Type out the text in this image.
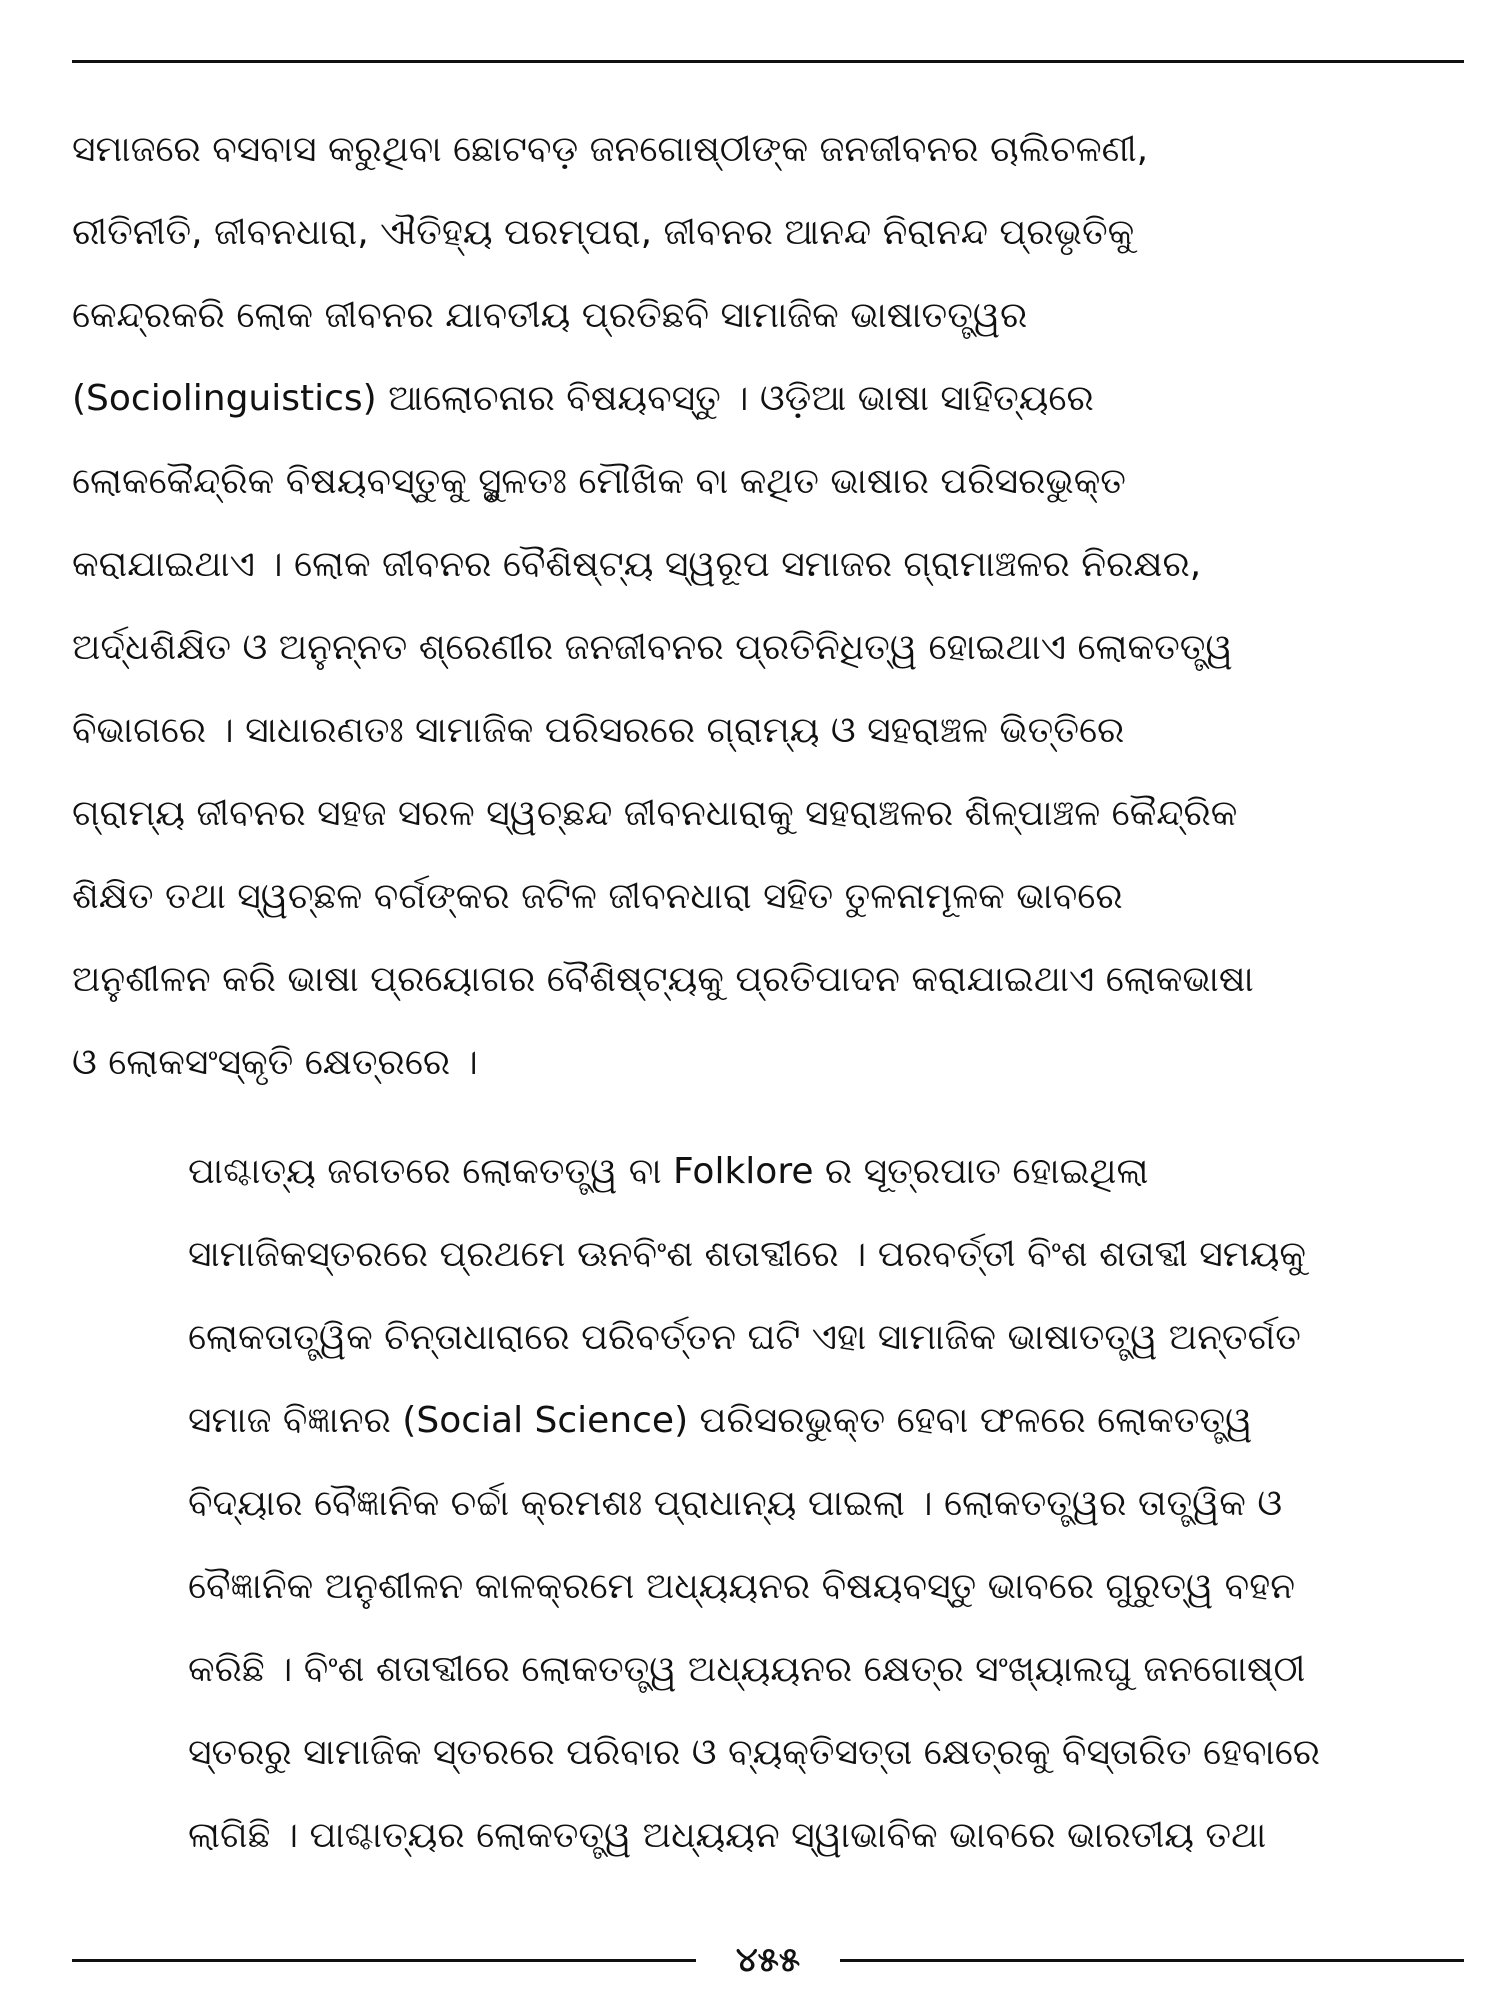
ସମାଜରେ ବସବାସ କରୁଥିବା ଛୋଟବଡ଼ ଜନଗୋଷ୍ଠୀଙ୍କ ଜନଜୀବନର ଚାଲିଚଳଣୀ,
ରୀତିନୀତି, ଜୀବନଧାରା, ଐତିହ୍ୟ ପରମ୍ପରା, ଜୀବନର ଆନନ୍ଦ ନିରାନନ୍ଦ ପ୍ରଭୃତିକୁ
କେନ୍ଦ୍ରକରି ଲୋକ ଜୀବନର ଯାବତୀୟ ପ୍ରତିଛବି ସାମାଜିକ ଭାଷାତତ୍ତ୍ୱର
(Sociolinguistics) ଆଲୋଚନାର ବିଷୟବସ୍ତୁ । ଓଡ଼ିଆ ଭାଷା ସାହିତ୍ୟରେ
ଲୋକକୈନ୍ଦ୍ରିକ ବିଷୟବସ୍ତୁକୁ ସ୍ଥୁଳତଃ ମୌଖିକ ବା କଥିତ ଭାଷାର ପରିସରଭୁକ୍ତ
କରାଯାଇଥାଏ । ଲୋକ ଜୀବନର ବୈଶିଷ୍ଟ୍ୟ ସ୍ୱରୂପ ସମାଜର ଗ୍ରାମାଞ୍ଚଳର ନିରକ୍ଷର,
ଅର୍ଦ୍ଧଶିକ୍ଷିତ ଓ ଅନୁନ୍ନତ ଶ୍ରେଣୀର ଜନଜୀବନର ପ୍ରତିନିଧିତ୍ୱ ହୋଇଥାଏ ଲୋକତତ୍ତ୍ୱ
ବିଭାଗରେ । ସାଧାରଣତଃ ସାମାଜିକ ପରିସରରେ ଗ୍ରାମ୍ୟ ଓ ସହରାଞ୍ଚଳ ଭିତ୍ତିରେ
ଗ୍ରାମ୍ୟ ଜୀବନର ସହଜ ସରଳ ସ୍ୱଚ୍ଛନ୍ଦ ଜୀବନଧାରାକୁ ସହରାଞ୍ଚଳର ଶିଳ୍ପାଞ୍ଚଳ କୈନ୍ଦ୍ରିକ
ଶିକ୍ଷିତ ତଥା ସ୍ୱଚ୍ଛଳ ବର୍ଗଙ୍କର ଜଟିଳ ଜୀବନଧାରା ସହିତ ତୁଳନାମୂଳକ ଭାବରେ
ଅନୁଶୀଳନ କରି ଭାଷା ପ୍ରୟୋଗର ବୈଶିଷ୍ଟ୍ୟକୁ ପ୍ରତିପାଦନ କରାଯାଇଥାଏ ଲୋକଭାଷା
ଓ ଲୋକସଂସ୍କୃତି କ୍ଷେତ୍ରରେ ।

ପାଶ୍ଚାତ୍ୟ ଜଗତରେ ଲୋକତତ୍ତ୍ୱ ବା Folklore ର ସୂତ୍ରପାତ ହୋଇଥିଲା
ସାମାଜିକସ୍ତରରେ ପ୍ରଥମେ ଊନବିଂଶ ଶତାବ୍ଦୀରେ । ପରବର୍ତ୍ତୀ ବିଂଶ ଶତାବ୍ଦୀ ସମୟକୁ
ଲୋକତାତ୍ତ୍ୱିକ ଚିନ୍ତାଧାରାରେ ପରିବର୍ତ୍ତନ ଘଟି ଏହା ସାମାଜିକ ଭାଷାତତ୍ତ୍ୱ ଅନ୍ତର୍ଗତ
ସମାଜ ବିଜ୍ଞାନର (Social Science) ପରିସରଭୁକ୍ତ ହେବା ଫଳରେ ଲୋକତତ୍ତ୍ୱ
ବିଦ୍ୟାର ବୈଜ୍ଞାନିକ ଚର୍ଚ୍ଚା କ୍ରମଶଃ ପ୍ରାଧାନ୍ୟ ପାଇଲା । ଲୋକତତ୍ତ୍ୱର ତାତ୍ତ୍ୱିକ ଓ
ବୈଜ୍ଞାନିକ ଅନୁଶୀଳନ କାଳକ୍ରମେ ଅଧ୍ୟୟନର ବିଷୟବସ୍ତୁ ଭାବରେ ଗୁରୁତ୍ୱ ବହନ
କରିଛି । ବିଂଶ ଶତାବ୍ଦୀରେ ଲୋକତତ୍ତ୍ୱ ଅଧ୍ୟୟନର କ୍ଷେତ୍ର ସଂଖ୍ୟାଲଘୁ ଜନଗୋଷ୍ଠୀ
ସ୍ତରରୁ ସାମାଜିକ ସ୍ତରରେ ପରିବାର ଓ ବ୍ୟକ୍ତିସତ୍ତା କ୍ଷେତ୍ରକୁ ବିସ୍ତାରିତ ହେବାରେ
ଲାଗିଛି । ପାଶ୍ଚାତ୍ୟର ଲୋକତତ୍ତ୍ୱ ଅଧ୍ୟୟନ ସ୍ୱାଭାବିକ ଭାବରେ ଭାରତୀୟ ତଥା

୪୫୫
